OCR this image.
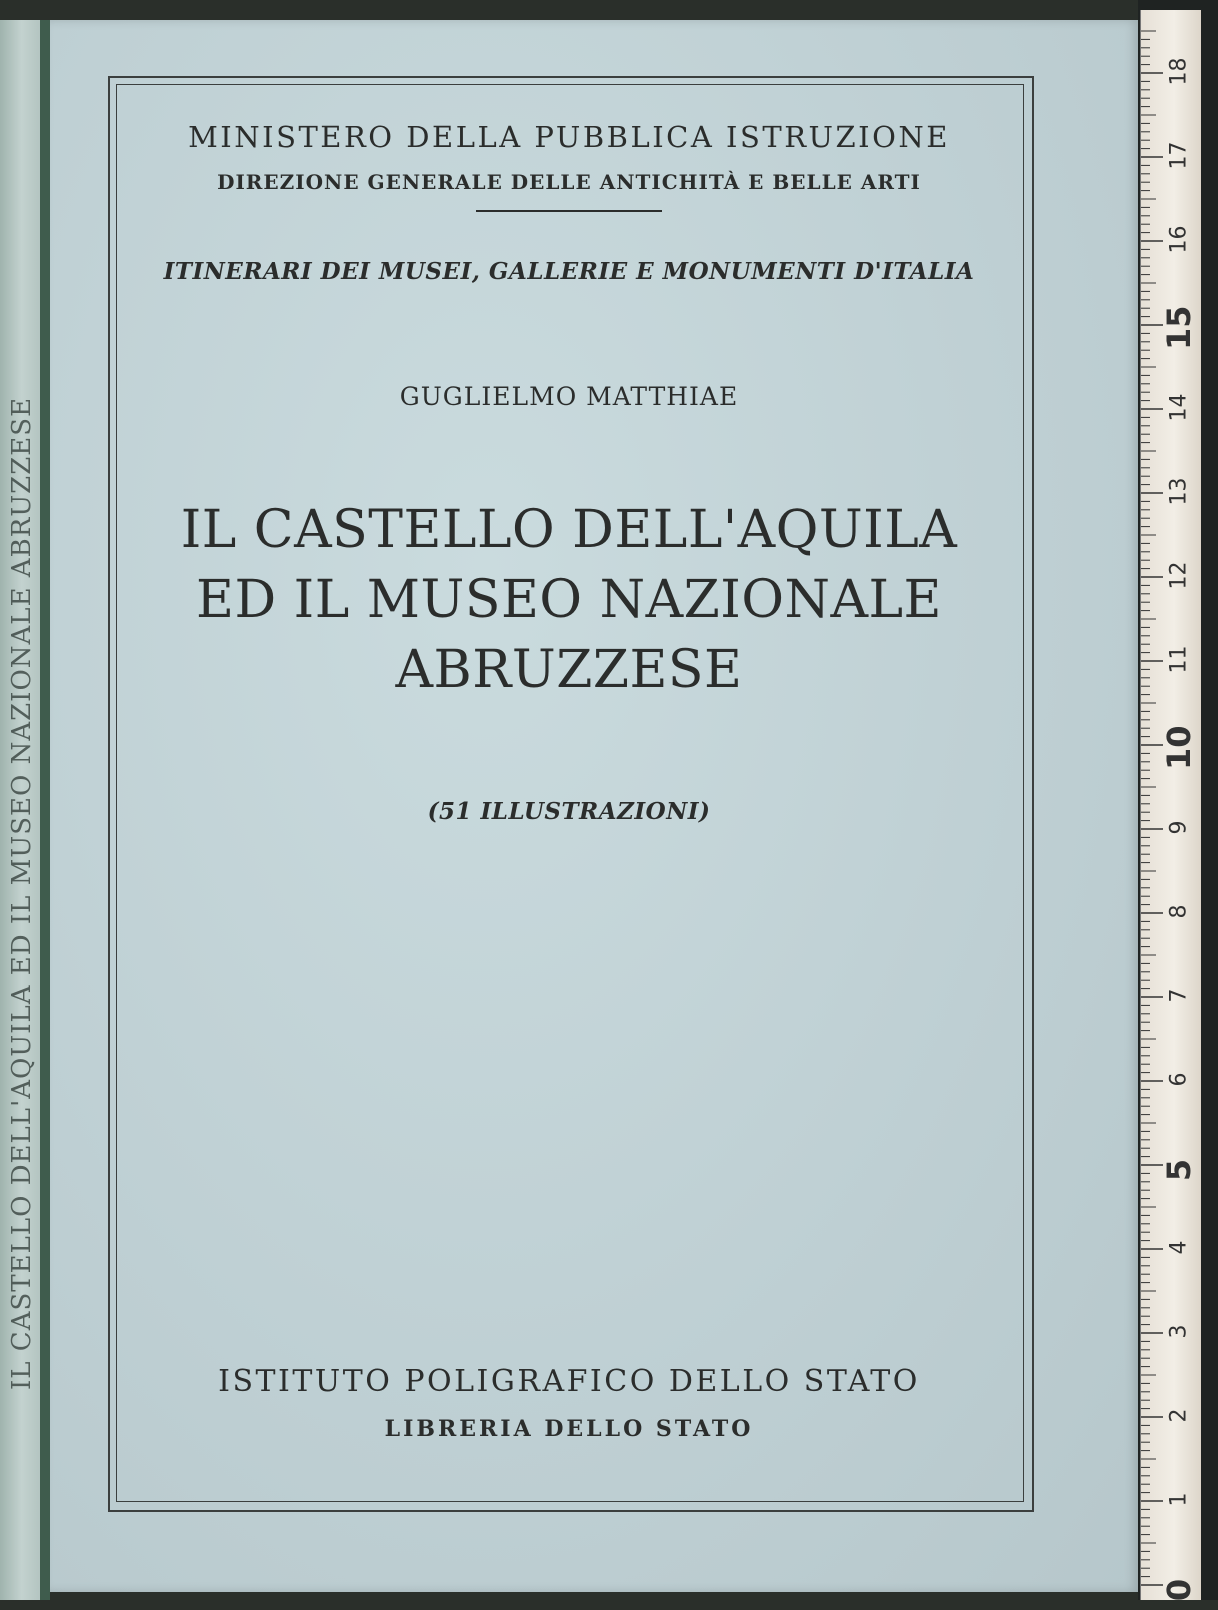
IL CASTELLO DELL'AQUILA ED IL MUSEO NAZIONALE ABRUZZESE
MINISTERO DELLA PUBBLICA ISTRUZIONE
DIREZIONE GENERALE DELLE ANTICHITÀ E BELLE ARTI
ITINERARI DEI MUSEI, GALLERIE E MONUMENTI D'ITALIA
GUGLIELMO MATTHIAE
IL CASTELLO DELL'AQUILA
ED IL MUSEO NAZIONALE
ABRUZZESE
(51 ILLUSTRAZIONI)
ISTITUTO POLIGRAFICO DELLO STATO
LIBRERIA DELLO STATO
0
1
2
3
4
5
6
7
8
9
10
11
12
13
14
15
16
17
18
